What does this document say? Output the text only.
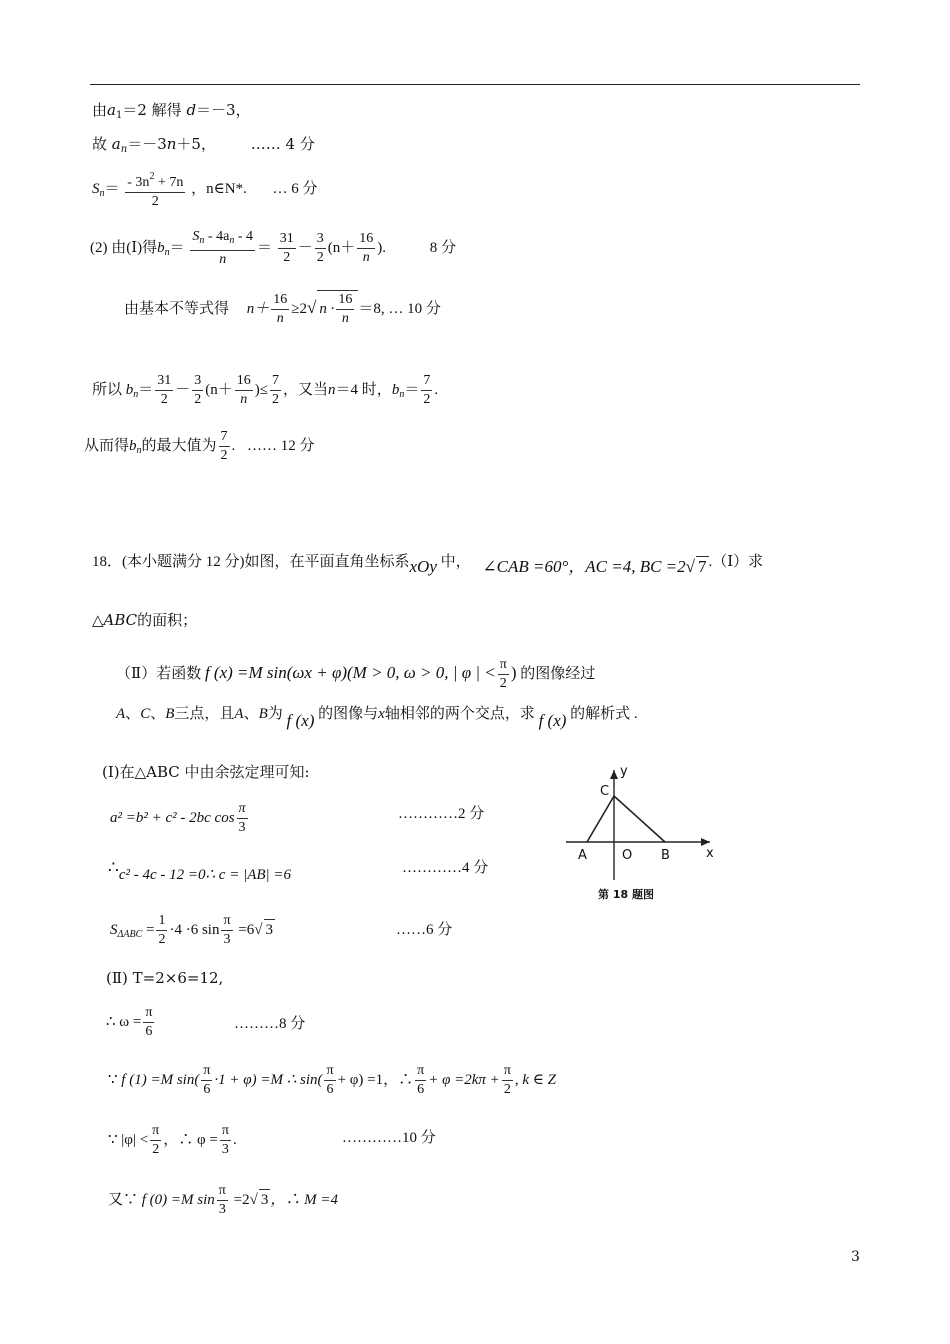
由$a_1=2$ 解得 d＝－3，
故 $a_n=-3n+5$， …… 4 分
$S_n= \frac{- 3n^2 + 7n}{2}$ ，n∈N*. … 6 分
(2) 由(Ⅰ)得$b_n= \frac{S_n - 4a_n - 4}{n} = \frac{31}{2} - \frac{3}{2} (n+ \frac{16}{n}$ ).	8 分
由基本不等式得 $n+ \frac{16}{n} \ge 2√$ $n \cdot \frac{16}{n} =8$, … 10 分
所以 $b_n= \frac{31}{2} - \frac{3}{2} (n+ \frac{16}{n}$ )≤ $\frac{7}{2}$ ，又当n＝4 时，$b_n= \frac{7}{2}$ .
从而得$b_n$的最大值为 $\frac{7}{2}$ . …… 12 分
18．(本小题满分 12 分)如图，在平面直角坐标系xOy 中， ∠CAB =60°，AC =4, BC =2√ 7 .（Ⅰ）求
△ABC的面积；
（Ⅱ）若函数 f (x) =M sin(ωx + φ)(M > 0, ω > 0, | φ | < $\frac{\pi}{2}$ ) 的图像经过
A、C、B三点，且A、B为 f (x) 的图像与x轴相邻的两个交点，求 f (x) 的解析式 .
(Ⅰ)在△ABC 中由余弦定理可知:
a² =b² + c² - 2bc $\cos \frac{\pi}{3}$	…………2 分
∴c² - 4c - 12 =0∴ c = |AB| =6	…………4 分
$S_{\Delta ABC} = \frac{1}{2} \cdot 4 \cdot 6$ $\sin \frac{\pi}{3} =6√$ 3	……6 分
(Ⅱ) T=2×6=12,
∴ $\omega = \frac{\pi}{6}$	………8 分
∵ f (1) =M $\sin( \frac{\pi}{6} \cdot 1 + \varphi) =M$ ∴ $\sin( \frac{\pi}{6} + \varphi) =1$，∴ $\frac{\pi}{6} + \varphi =2k\pi + \frac{\pi}{2}$ , k ∈ Z
∵ $|\varphi| < \frac{\pi}{2}$ ，∴ $\varphi = \frac{\pi}{3}$ .	…………10 分
又∵ f (0) =M $\sin \frac{\pi}{3} =2√$ 3 ，∴ M =4
y
x
C
A	O B
第 18 题图
3
